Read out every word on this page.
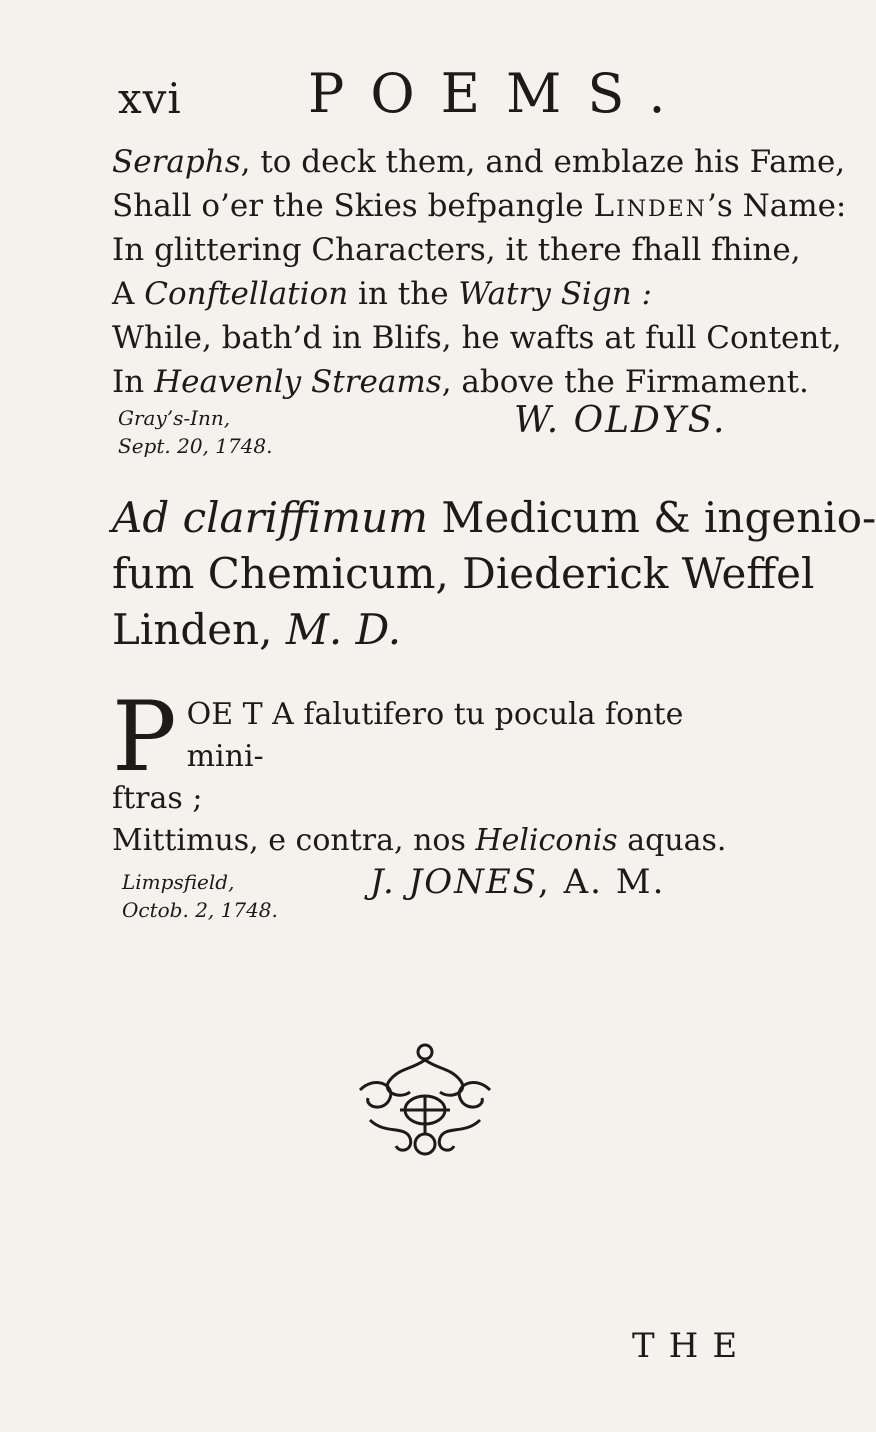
xvi POEMS.
Seraphs, to deck them, and emblaze his Fame,
Shall o’er the Skies befpangle Linden’s Name:
In glittering Characters, it there fhall fhine,
A Conftellation in the Watry Sign :
While, bath’d in Blifs, he wafts at full Content,
In Heavenly Streams, above the Firmament.
Gray’s-Inn,
Sept. 20, 1748.
W. OLDYS.
Ad clariffimum Medicum & ingenio-
fum Chemicum, Diederick Weffel
Linden, M. D.
P OE T A falutifero tu pocula fonte mini-
ftras ;
Mittimus, e contra, nos Heliconis aquas.
Limpsfield,
Octob. 2, 1748.
J. JONES, A. M.
THE
